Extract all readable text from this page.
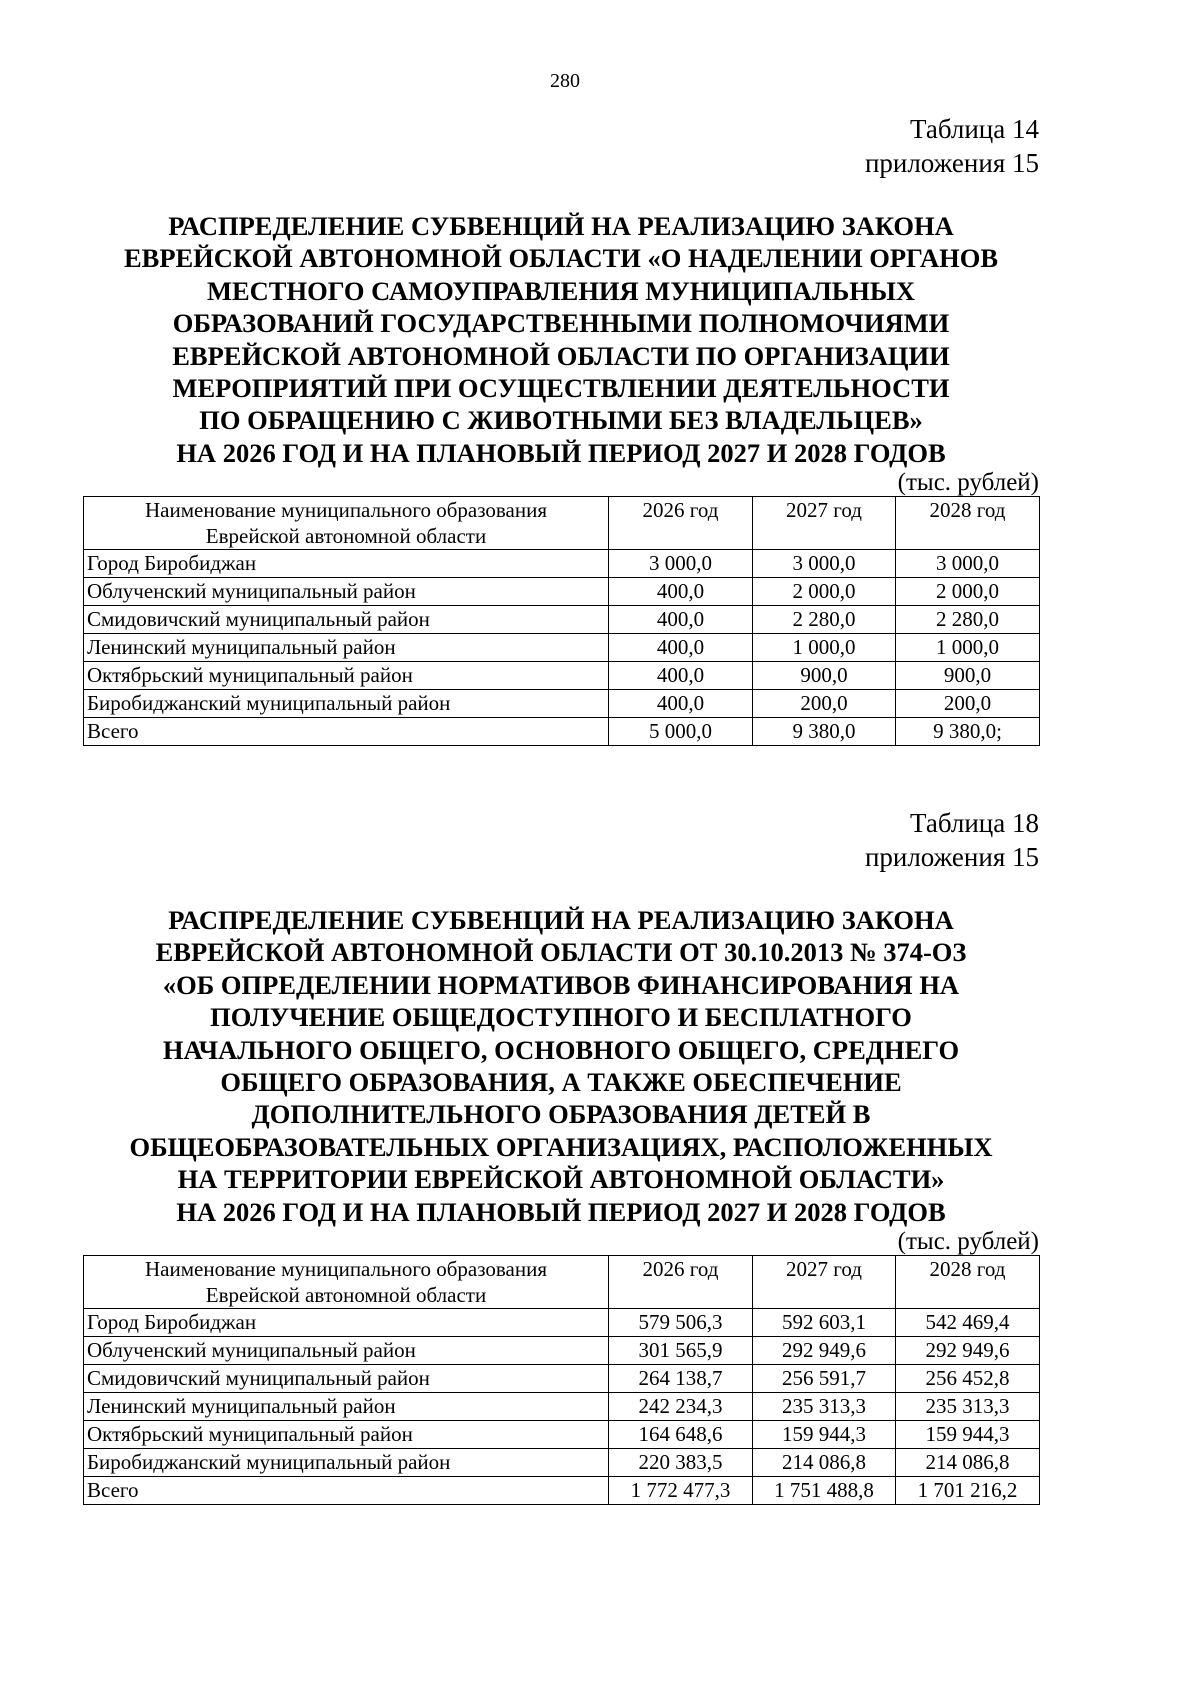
280
Таблица 14
приложения 15
РАСПРЕДЕЛЕНИЕ СУБВЕНЦИЙ НА РЕАЛИЗАЦИЮ ЗАКОНА
ЕВРЕЙСКОЙ АВТОНОМНОЙ ОБЛАСТИ «О НАДЕЛЕНИИ ОРГАНОВ
МЕСТНОГО САМОУПРАВЛЕНИЯ МУНИЦИПАЛЬНЫХ
ОБРАЗОВАНИЙ ГОСУДАРСТВЕННЫМИ ПОЛНОМОЧИЯМИ
ЕВРЕЙСКОЙ АВТОНОМНОЙ ОБЛАСТИ ПО ОРГАНИЗАЦИИ
МЕРОПРИЯТИЙ ПРИ ОСУЩЕСТВЛЕНИИ ДЕЯТЕЛЬНОСТИ
ПО ОБРАЩЕНИЮ С ЖИВОТНЫМИ БЕЗ ВЛАДЕЛЬЦЕВ»
НА 2026 ГОД И НА ПЛАНОВЫЙ ПЕРИОД 2027 И 2028 ГОДОВ
(тыс. рублей)
Наименование муниципального образования
Еврейской автономной области	2026 год	2027 год	2028 год
Город Биробиджан	3 000,0	3 000,0	3 000,0
Облученский муниципальный район	400,0	2 000,0	2 000,0
Смидовичский муниципальный район	400,0	2 280,0	2 280,0
Ленинский муниципальный район	400,0	1 000,0	1 000,0
Октябрьский муниципальный район	400,0	900,0	900,0
Биробиджанский муниципальный район	400,0	200,0	200,0
Всего	5 000,0	9 380,0	9 380,0;
Таблица 18
приложения 15
РАСПРЕДЕЛЕНИЕ СУБВЕНЦИЙ НА РЕАЛИЗАЦИЮ ЗАКОНА
ЕВРЕЙСКОЙ АВТОНОМНОЙ ОБЛАСТИ ОТ 30.10.2013 № 374-ОЗ
«ОБ ОПРЕДЕЛЕНИИ НОРМАТИВОВ ФИНАНСИРОВАНИЯ НА
ПОЛУЧЕНИЕ ОБЩЕДОСТУПНОГО И БЕСПЛАТНОГО
НАЧАЛЬНОГО ОБЩЕГО, ОСНОВНОГО ОБЩЕГО, СРЕДНЕГО
ОБЩЕГО ОБРАЗОВАНИЯ, А ТАКЖЕ ОБЕСПЕЧЕНИЕ
ДОПОЛНИТЕЛЬНОГО ОБРАЗОВАНИЯ ДЕТЕЙ В
ОБЩЕОБРАЗОВАТЕЛЬНЫХ ОРГАНИЗАЦИЯХ, РАСПОЛОЖЕННЫХ
НА ТЕРРИТОРИИ ЕВРЕЙСКОЙ АВТОНОМНОЙ ОБЛАСТИ»
НА 2026 ГОД И НА ПЛАНОВЫЙ ПЕРИОД 2027 И 2028 ГОДОВ
(тыс. рублей)
Наименование муниципального образования
Еврейской автономной области	2026 год	2027 год	2028 год
Город Биробиджан	579 506,3	592 603,1	542 469,4
Облученский муниципальный район	301 565,9	292 949,6	292 949,6
Смидовичский муниципальный район	264 138,7	256 591,7	256 452,8
Ленинский муниципальный район	242 234,3	235 313,3	235 313,3
Октябрьский муниципальный район	164 648,6	159 944,3	159 944,3
Биробиджанский муниципальный район	220 383,5	214 086,8	214 086,8
Всего	1 772 477,3	1 751 488,8	1 701 216,2
